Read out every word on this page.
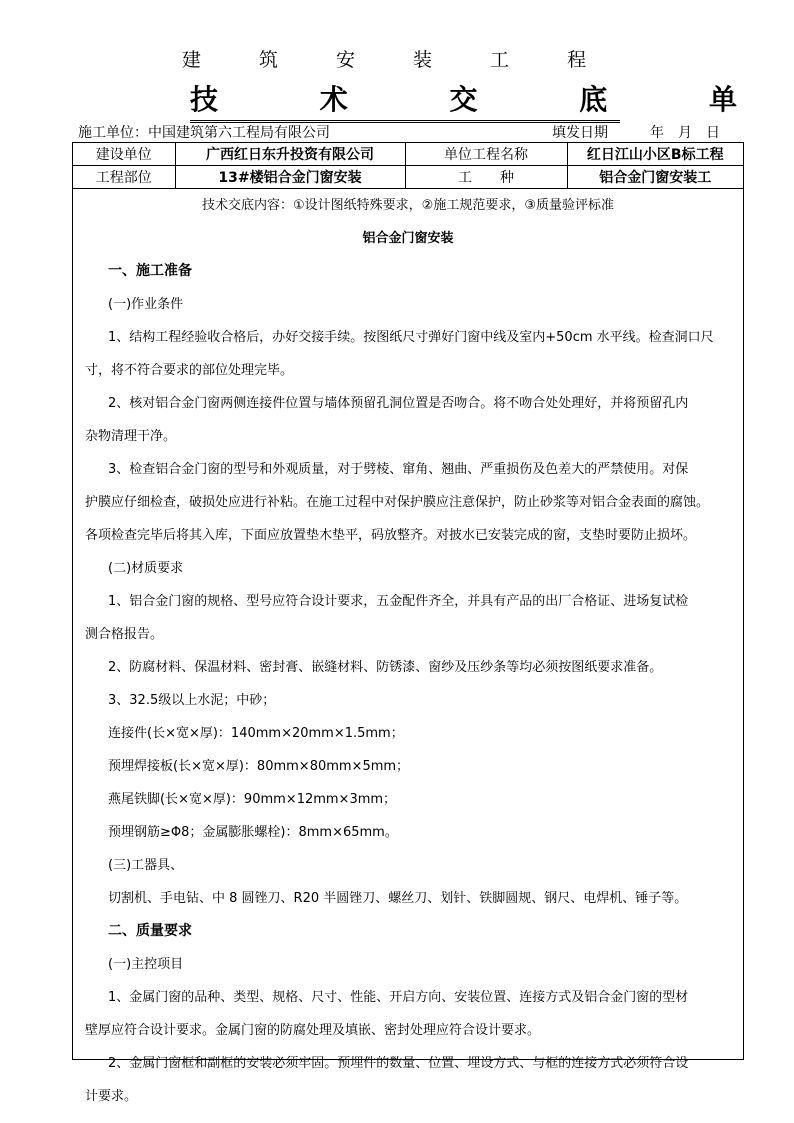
建 筑 安 装 工 程
技 术 交 底 单
施工单位：中国建筑第六工程局有限公司	填发日期　　　年　月　日
建设单位	广西红日东升投资有限公司	单位工程名称	红日江山小区B标工程
工程部位	13#楼铝合金门窗安装	工　　种	铝合金门窗安装工

技术交底内容：①设计图纸特殊要求，②施工规范要求，③质量验评标准

铝合金门窗安装

一、施工准备

(一)作业条件

1、结构工程经验收合格后，办好交接手续。按图纸尺寸弹好门窗中线及室内+50cm 水平线。检查洞口尺

寸，将不符合要求的部位处理完毕。

2、核对铝合金门窗两侧连接件位置与墙体预留孔洞位置是否吻合。将不吻合处处理好，并将预留孔内

杂物清理干净。

3、检查铝合金门窗的型号和外观质量，对于劈棱、窜角、翘曲、严重损伤及色差大的严禁使用。对保

护膜应仔细检查，破损处应进行补粘。在施工过程中对保护膜应注意保护，防止砂浆等对铝合金表面的腐蚀。

各项检查完毕后将其入库，下面应放置垫木垫平，码放整齐。对披水已安装完成的窗，支垫时要防止损坏。

(二)材质要求

1、铝合金门窗的规格、型号应符合设计要求，五金配件齐全，并具有产品的出厂合格证、进场复试检

测合格报告。

2、防腐材料、保温材料、密封膏、嵌缝材料、防锈漆、窗纱及压纱条等均必须按图纸要求准备。

3、32.5级以上水泥；中砂；

连接件(长×宽×厚)：140mm×20mm×1.5mm；

预埋焊接板(长×宽×厚)：80mm×80mm×5mm；

燕尾铁脚(长×宽×厚)：90mm×12mm×3mm；

预埋钢筋≥Φ8；金属膨胀螺栓)：8mm×65mm。

(三)工器具、

切割机、手电钻、中 8 圆锉刀、R20 半圆锉刀、螺丝刀、划针、铁脚圆规、钢尺、电焊机、锤子等。

二、质量要求

(一)主控项目

1、金属门窗的品种、类型、规格、尺寸、性能、开启方向、安装位置、连接方式及铝合金门窗的型材

壁厚应符合设计要求。金属门窗的防腐处理及填嵌、密封处理应符合设计要求。

2、金属门窗框和副框的安装必须牢固。预埋件的数量、位置、埋设方式、与框的连接方式必须符合设

计要求。
